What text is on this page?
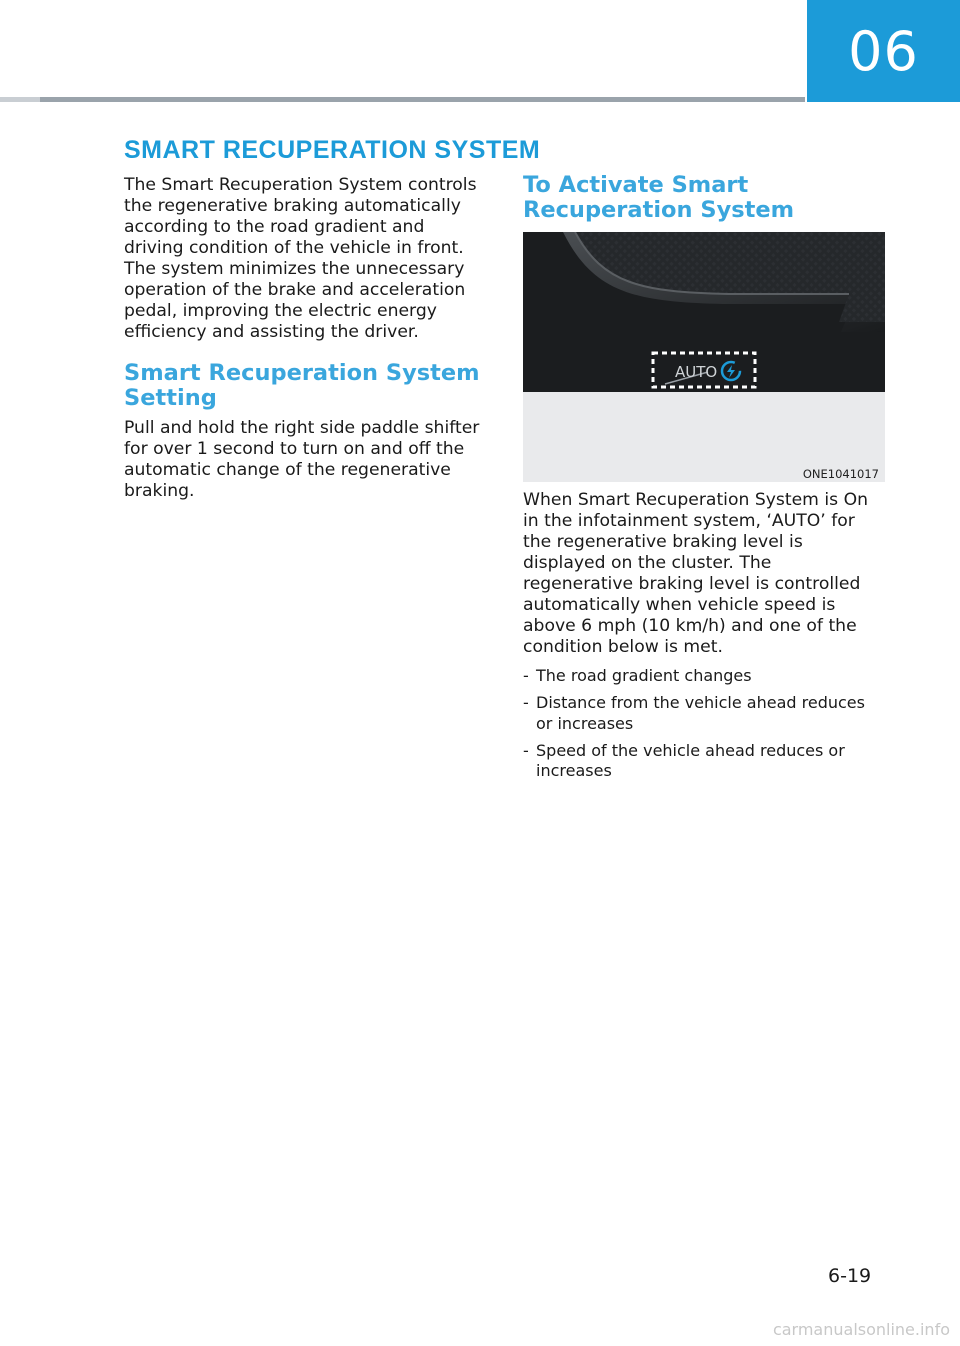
06
SMART RECUPERATION SYSTEM

The Smart Recuperation System controls the regenerative braking automatically according to the road gradient and driving condition of the vehicle in front. The system minimizes the unnecessary operation of the brake and acceleration pedal, improving the electric energy efficiency and assisting the driver.

Smart Recuperation System Setting

Pull and hold the right side paddle shifter for over 1 second to turn on and off the automatic change of the regenerative braking.

To Activate Smart Recuperation System
AUTO
ONE1041017

When Smart Recuperation System is On in the infotainment system, ‘AUTO’ for the regenerative braking level is displayed on the cluster. The regenerative braking level is controlled automatically when vehicle speed is above 6 mph (10 km/h) and one of the condition below is met.

- The road gradient changes
- Distance from the vehicle ahead reduces or increases
- Speed of the vehicle ahead reduces or increases
6-19
carmanualsonline.info
